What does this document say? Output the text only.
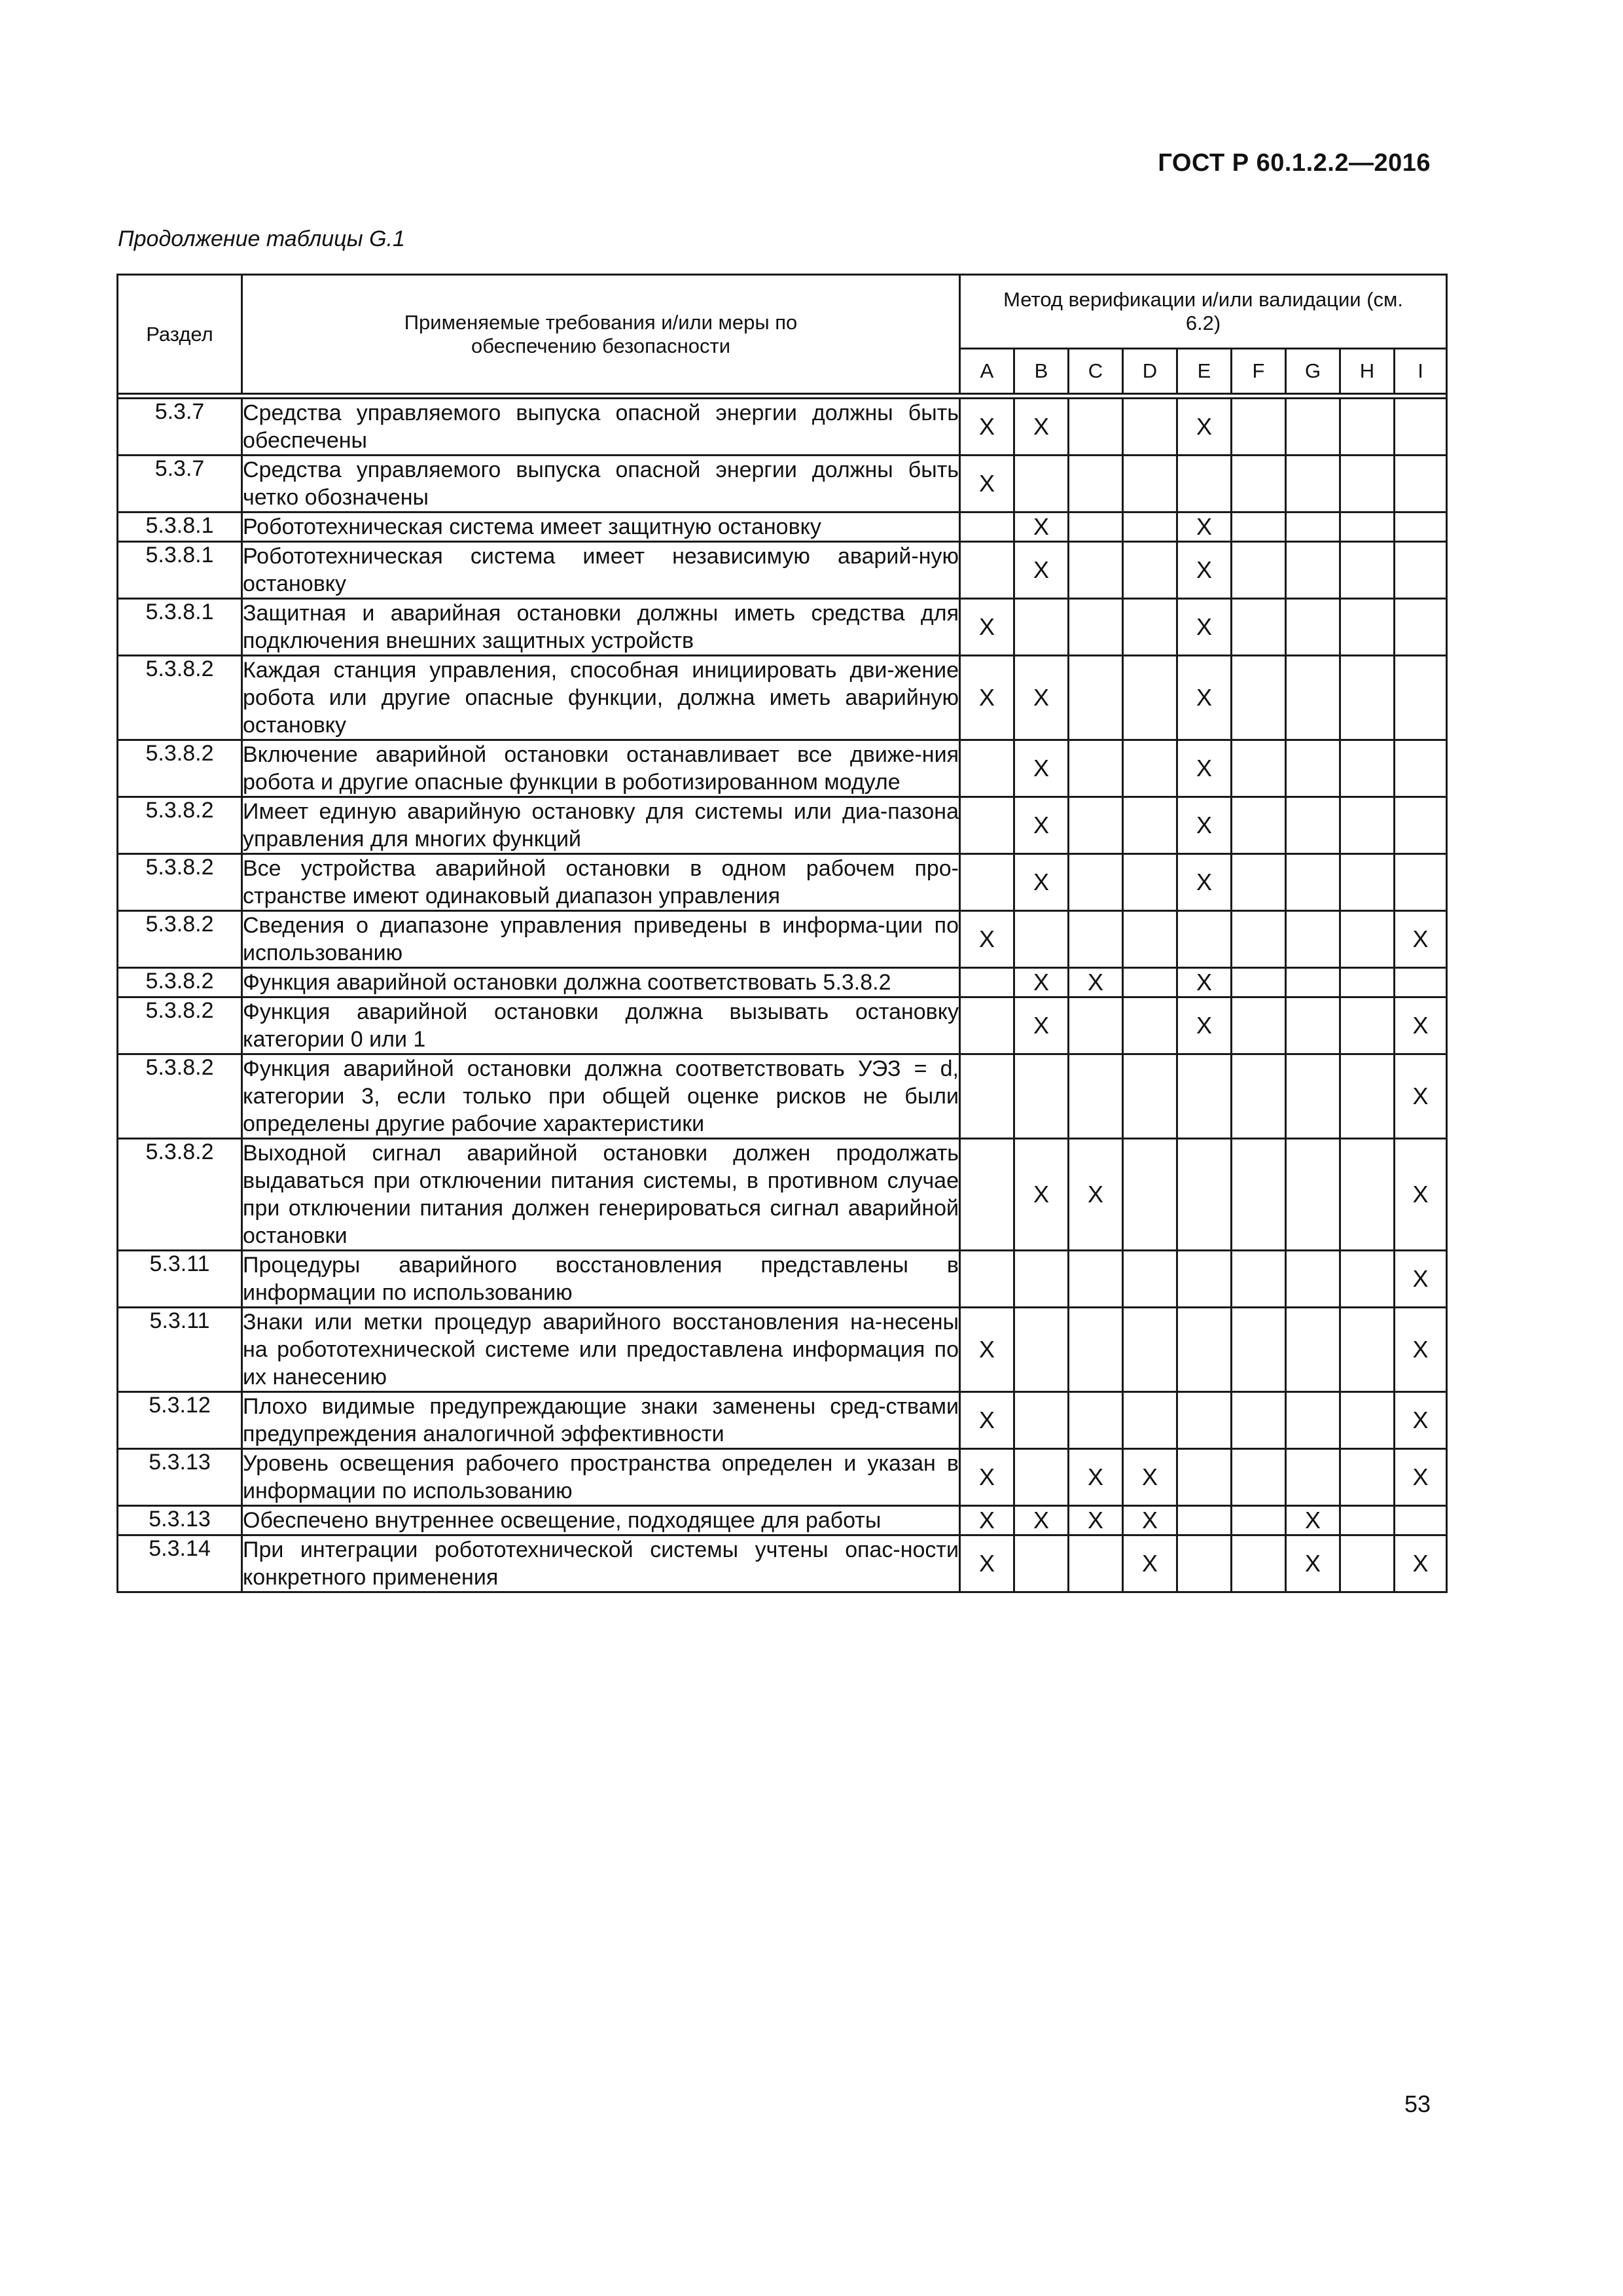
ГОСТ Р 60.1.2.2—2016
Продолжение таблицы G.1
Раздел	Применяемые требования и/или меры по обеспечению безопасности	Метод верификации и/или валидации (см. 6.2)								
		A	B	C	D	E	F	G	H	I

5.3.7	Средства управляемого выпуска опасной энергии должны быть обеспечены	X	X			X				
5.3.7	Средства управляемого выпуска опасной энергии должны быть четко обозначены	X								
5.3.8.1	Робототехническая система имеет защитную остановку		X			X				
5.3.8.1	Робототехническая система имеет независимую аварий-ную остановку		X			X				
5.3.8.1	Защитная и аварийная остановки должны иметь средства для подключения внешних защитных устройств	X				X				
5.3.8.2	Каждая станция управления, способная инициировать дви-жение робота или другие опасные функции, должна иметь аварийную остановку	X	X			X				
5.3.8.2	Включение аварийной остановки останавливает все движе-ния робота и другие опасные функции в роботизированном модуле		X			X				
5.3.8.2	Имеет единую аварийную остановку для системы или диа-пазона управления для многих функций		X			X				
5.3.8.2	Все устройства аварийной остановки в одном рабочем про-странстве имеют одинаковый диапазон управления		X			X				
5.3.8.2	Сведения о диапазоне управления приведены в информа-ции по использованию	X								X
5.3.8.2	Функция аварийной остановки должна соответствовать 5.3.8.2		X	X		X				
5.3.8.2	Функция аварийной остановки должна вызывать остановку категории 0 или 1		X			X				X
5.3.8.2	Функция аварийной остановки должна соответствовать УЭЗ = d, категории 3, если только при общей оценке рисков не были определены другие рабочие характеристики									X
5.3.8.2	Выходной сигнал аварийной остановки должен продолжать выдаваться при отключении питания системы, в противном случае при отключении питания должен генерироваться сигнал аварийной остановки		X	X						X
5.3.11	Процедуры аварийного восстановления представлены в информации по использованию									X
5.3.11	Знаки или метки процедур аварийного восстановления на-несены на робототехнической системе или предоставлена информация по их нанесению	X								X
5.3.12	Плохо видимые предупреждающие знаки заменены сред-ствами предупреждения аналогичной эффективности	X								X
5.3.13	Уровень освещения рабочего пространства определен и указан в информации по использованию	X		X	X					X
5.3.13	Обеспечено внутреннее освещение, подходящее для работы	X	X	X	X			X		
5.3.14	При интеграции робототехнической системы учтены опас-ности конкретного применения	X			X			X		X
53
